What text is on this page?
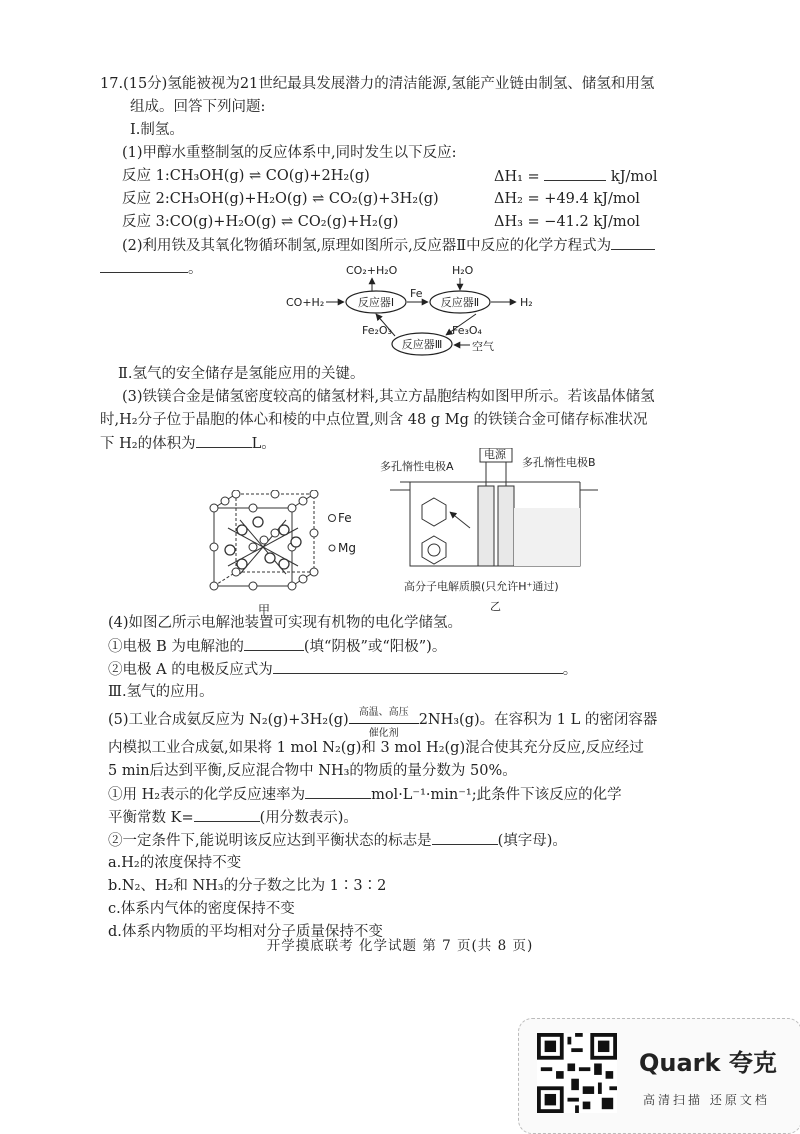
17.(15分)氢能被视为21世纪最具发展潜力的清洁能源,氢能产业链由制氢、储氢和用氢
组成。回答下列问题:
Ⅰ.制氢。
(1)甲醇水重整制氢的反应体系中,同时发生以下反应:
反应 1:CH₃OH(g) ⇌ CO(g)+2H₂(g)	ΔH₁ =	kJ/mol
反应 2:CH₃OH(g)+H₂O(g) ⇌ CO₂(g)+3H₂(g)	ΔH₂ = +49.4 kJ/mol
反应 3:CO(g)+H₂O(g) ⇌ CO₂(g)+H₂(g)	ΔH₃ = −41.2 kJ/mol
(2)利用铁及其氧化物循环制氢,原理如图所示,反应器Ⅱ中反应的化学方程式为
。	CO₂+H₂O	H₂O
CO+H₂
Fe
H₂
Fe₂O₃	Fe₃O₄
空气
反应器Ⅰ	反应器Ⅱ
反应器Ⅲ
Ⅱ.氢气的安全储存是氢能应用的关键。
(3)铁镁合金是储氢密度较高的储氢材料,其立方晶胞结构如图甲所示。若该晶体储氢
时,H₂分子位于晶胞的体心和棱的中点位置,则含 48 g Mg 的铁镁合金可储存标准状况
下 H₂的体积为	L。
Fe
Mg
甲
多孔惰性电极A	多孔惰性电极B
电源
高分子电解质膜(只允许H⁺通过)
乙
(4)如图乙所示电解池装置可实现有机物的电化学储氢。
①电极 B 为电解池的	(填“阴极”或“阳极”)。
②电极 A 的电极反应式为	。
Ⅲ.氢气的应用。
(5)工业合成氨反应为 N₂(g)+3H₂(g)	高温、高压
催化剂
2NH₃(g)。在容积为 1 L 的密闭容器
内模拟工业合成氨,如果将 1 mol N₂(g)和 3 mol H₂(g)混合使其充分反应,反应经过
5 min后达到平衡,反应混合物中 NH₃的物质的量分数为 50%。
①用 H₂表示的化学反应速率为	mol·L⁻¹·min⁻¹;此条件下该反应的化学
平衡常数 K=	(用分数表示)。
②一定条件下,能说明该反应达到平衡状态的标志是	(填字母)。
a.H₂的浓度保持不变
b.N₂、H₂和 NH₃的分子数之比为 1∶3∶2
c.体系内气体的密度保持不变
d.体系内物质的平均相对分子质量保持不变
开学摸底联考 化学试题 第 7 页(共 8 页)
Quark 夸克
高清扫描 还原文档
